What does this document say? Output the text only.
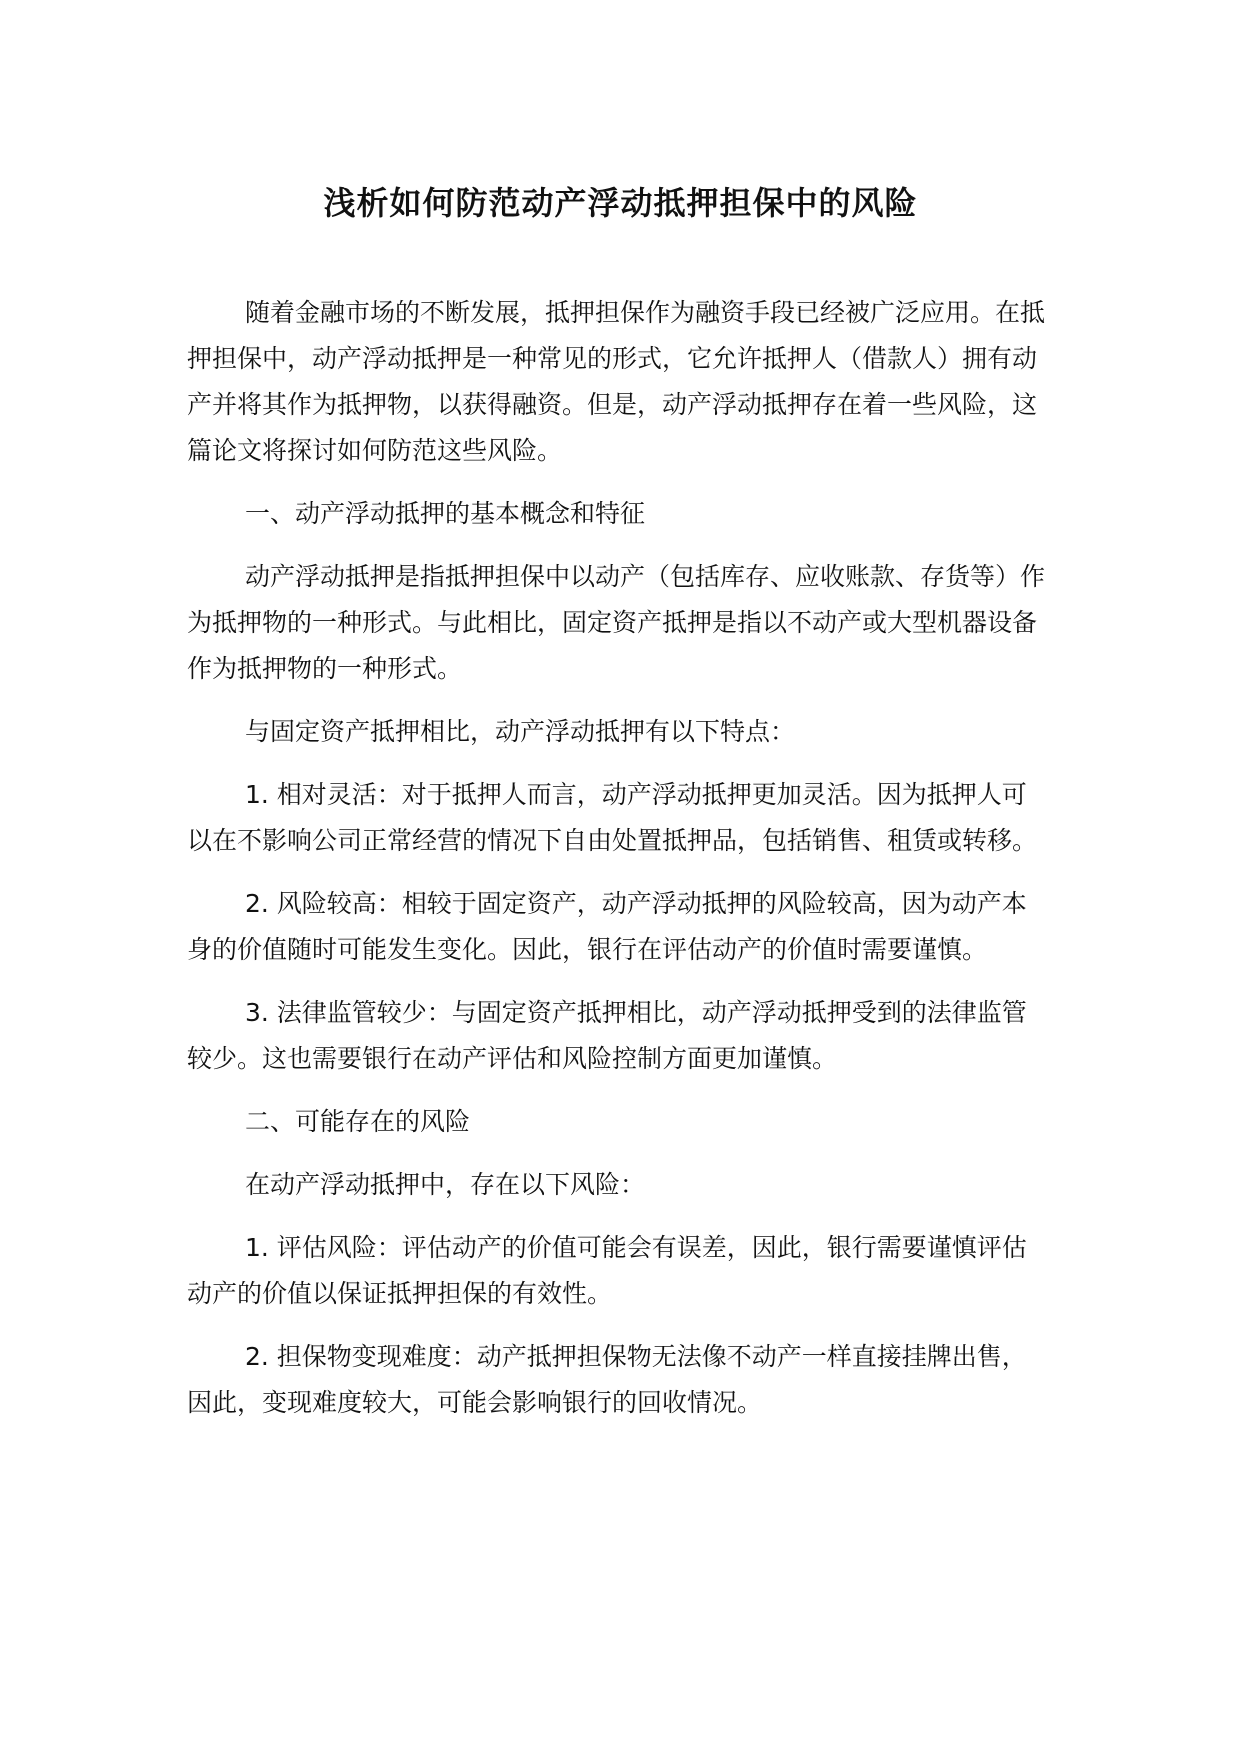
浅析如何防范动产浮动抵押担保中的风险

随着金融市场的不断发展，抵押担保作为融资手段已经被广泛应用。在抵押担保中，动产浮动抵押是一种常见的形式，它允许抵押人（借款人）拥有动产并将其作为抵押物，以获得融资。但是，动产浮动抵押存在着一些风险，这篇论文将探讨如何防范这些风险。

一、动产浮动抵押的基本概念和特征

动产浮动抵押是指抵押担保中以动产（包括库存、应收账款、存货等）作为抵押物的一种形式。与此相比，固定资产抵押是指以不动产或大型机器设备作为抵押物的一种形式。

与固定资产抵押相比，动产浮动抵押有以下特点：

1. 相对灵活：对于抵押人而言，动产浮动抵押更加灵活。因为抵押人可以在不影响公司正常经营的情况下自由处置抵押品，包括销售、租赁或转移。

2. 风险较高：相较于固定资产，动产浮动抵押的风险较高，因为动产本身的价值随时可能发生变化。因此，银行在评估动产的价值时需要谨慎。

3. 法律监管较少：与固定资产抵押相比，动产浮动抵押受到的法律监管较少。这也需要银行在动产评估和风险控制方面更加谨慎。

二、可能存在的风险

在动产浮动抵押中，存在以下风险：

1. 评估风险：评估动产的价值可能会有误差，因此，银行需要谨慎评估动产的价值以保证抵押担保的有效性。

2. 担保物变现难度：动产抵押担保物无法像不动产一样直接挂牌出售，因此，变现难度较大，可能会影响银行的回收情况。
